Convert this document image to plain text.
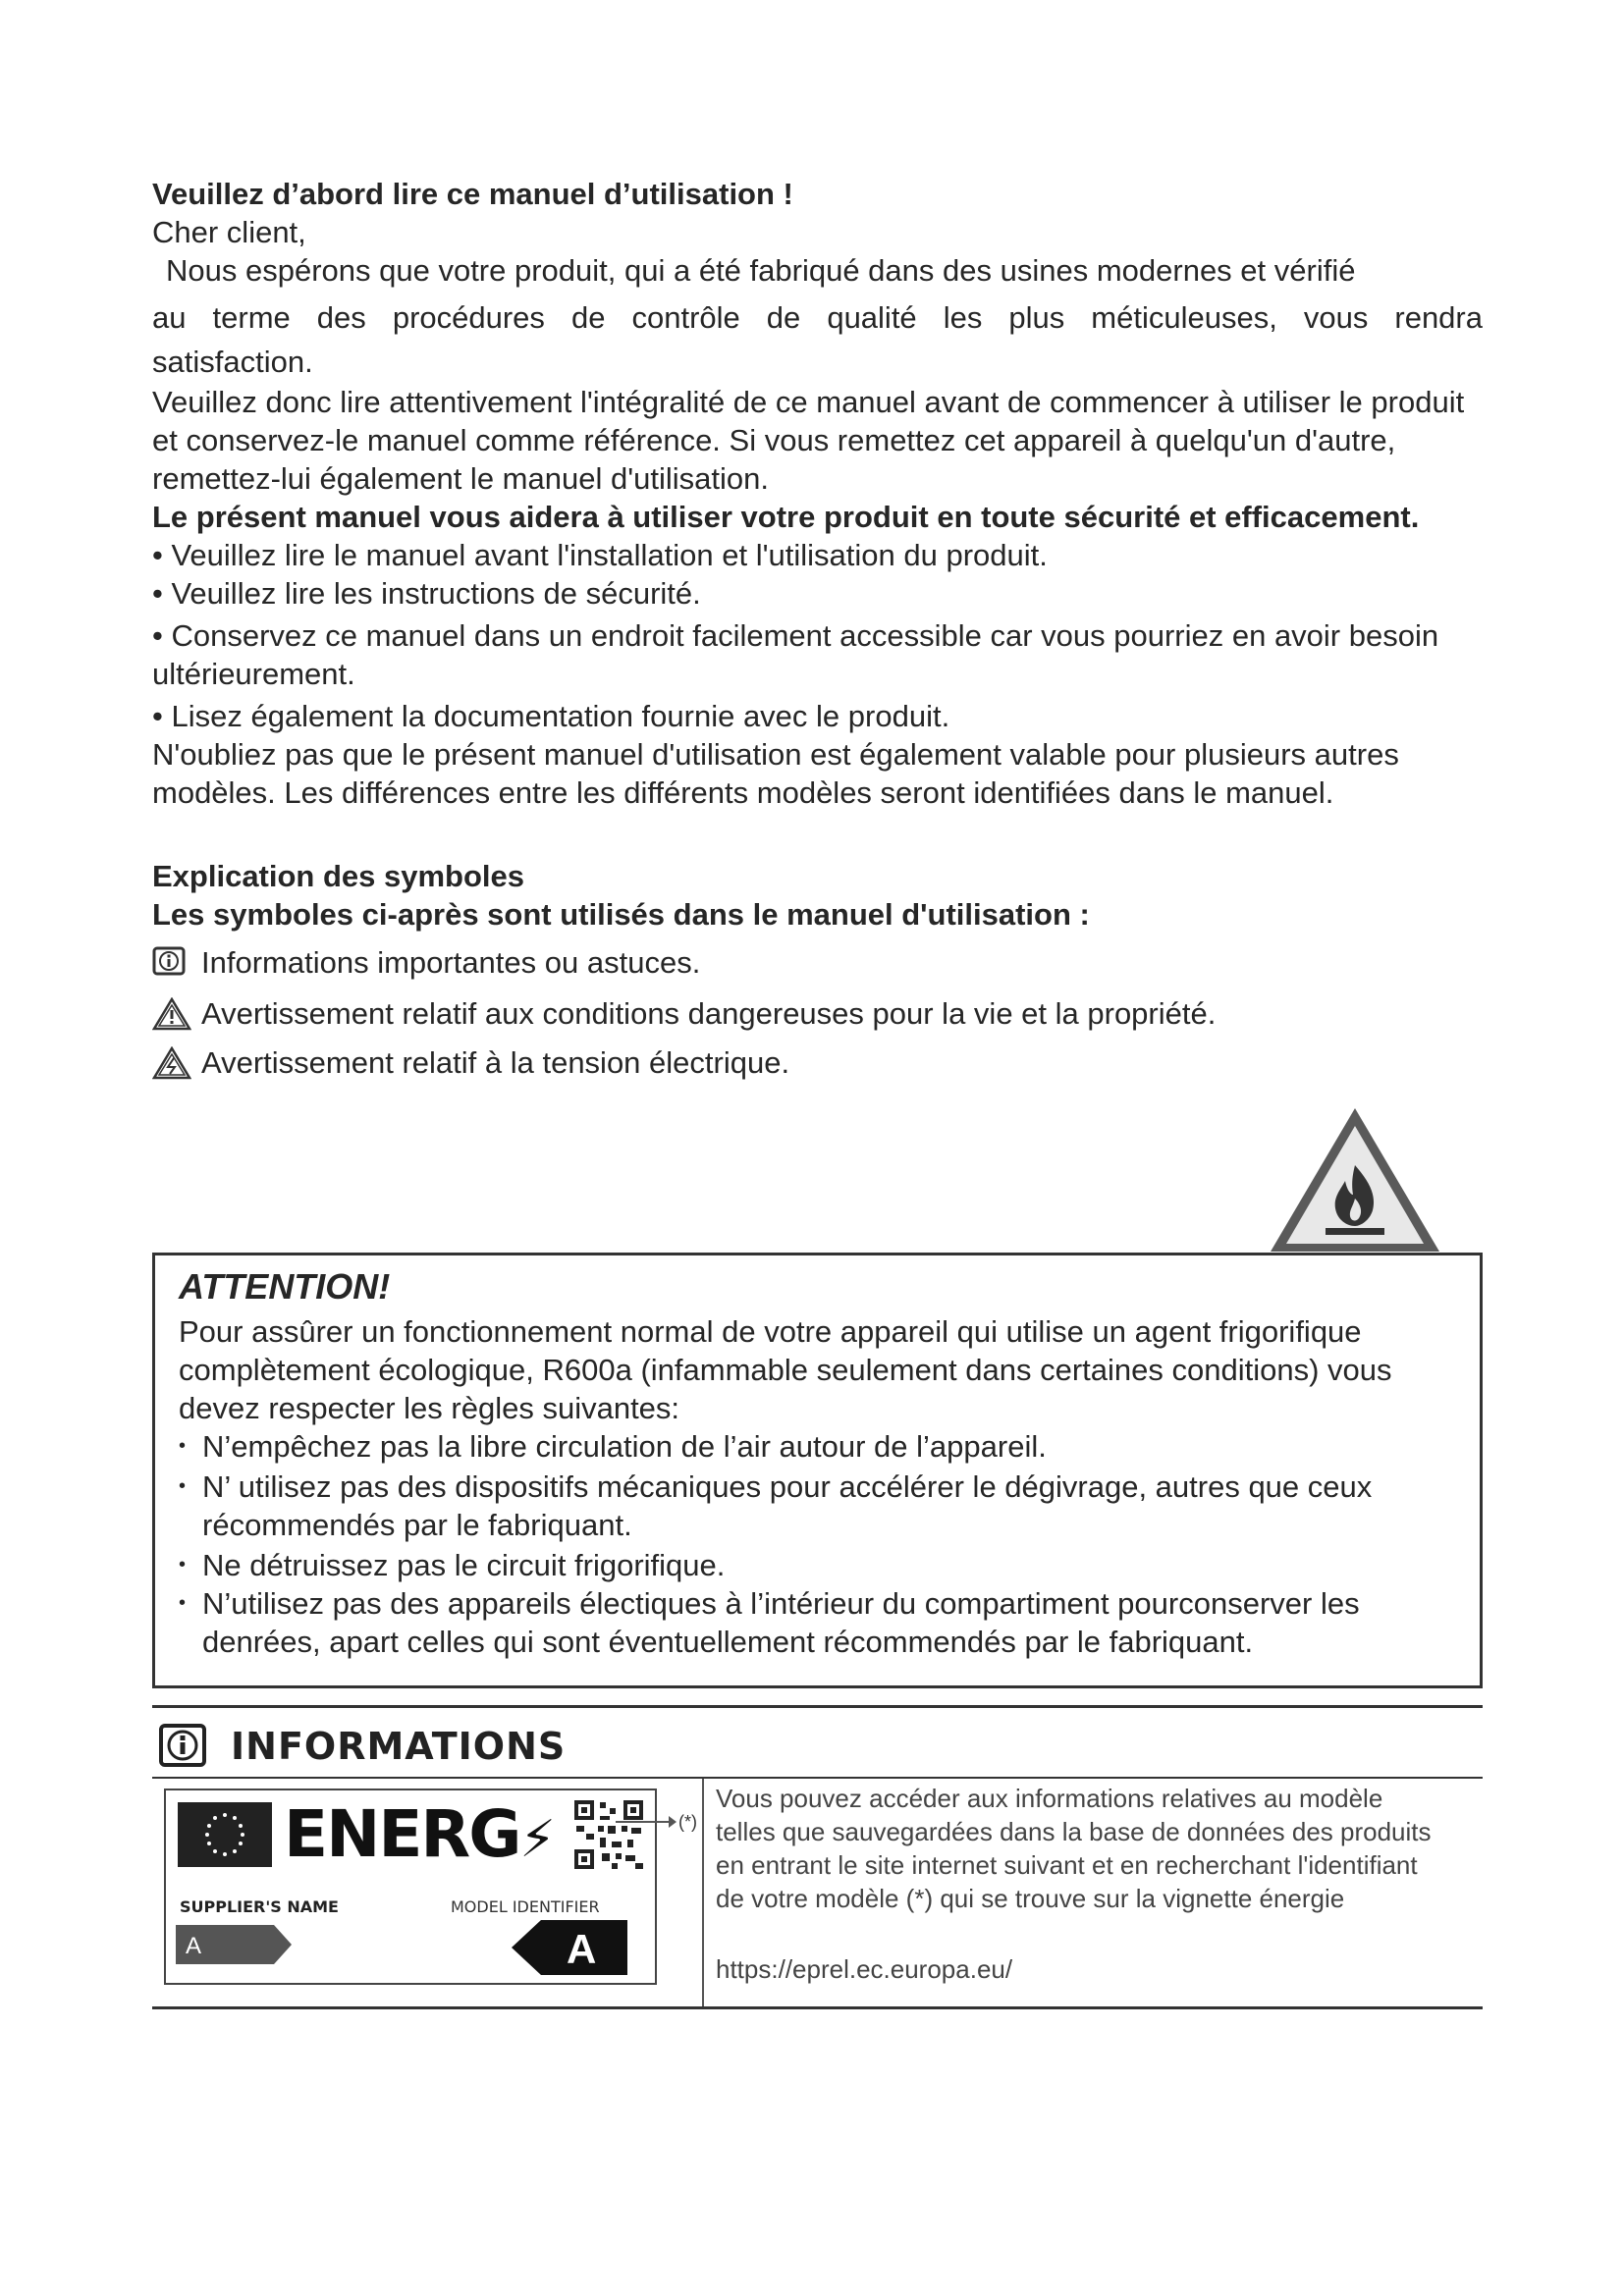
Veuillez d’abord lire ce manuel d’utilisation !

Cher client,

Nous espérons que votre produit, qui a été fabriqué dans des usines modernes et vérifié

au terme des procédures de contrôle de qualité les plus méticuleuses, vous rendra

satisfaction.

Veuillez donc lire attentivement l'intégralité de ce manuel avant de commencer à utiliser le produit et conservez-le manuel comme référence. Si vous remettez cet appareil à quelqu'un d'autre, remettez-lui également le manuel d'utilisation.

Le présent manuel vous aidera à utiliser votre produit en toute sécurité et efficacement.

• Veuillez lire le manuel avant l'installation et l'utilisation du produit.

• Veuillez lire les instructions de sécurité.

• Conservez ce manuel dans un endroit facilement accessible car vous pourriez en avoir besoin ultérieurement.

• Lisez également la documentation fournie avec le produit.

N'oubliez pas que le présent manuel d'utilisation est également valable pour plusieurs autres modèles. Les différences entre les différents modèles seront identifiées dans le manuel.

Explication des symboles

Les symboles ci-après sont utilisés dans le manuel d'utilisation :

Informations importantes ou astuces.

Avertissement relatif aux conditions dangereuses pour la vie et la propriété.

Avertissement relatif à la tension électrique.

ATTENTION!

Pour assûrer un fonctionnement normal de votre appareil qui utilise un agent frigorifique complètement écologique, R600a (infammable seulement dans certaines conditions) vous devez respecter les règles suivantes:

• N’empêchez pas la libre circulation de l’air autour de l’appareil.
• N’ utilisez pas des dispositifs mécaniques pour accélérer le dégivrage, autres que ceux récommendés par le fabriquant.
• Ne détruissez pas le circuit frigorifique.
• N’utilisez pas des appareils électiques à l’intérieur du compartiment pourconserver les denrées, apart celles qui sont éventuellement récommendés par le fabriquant.
INFORMATIONS
ENERG⚡
SUPPLIER'S NAME	MODEL IDENTIFIER
A	A
(*)
Vous pouvez accéder aux informations relatives au modèle telles que sauvegardées dans la base de données des produits en entrant le site internet suivant et en recherchant l'identifiant de votre modèle (*) qui se trouve sur la vignette énergie
https://eprel.ec.europa.eu/
